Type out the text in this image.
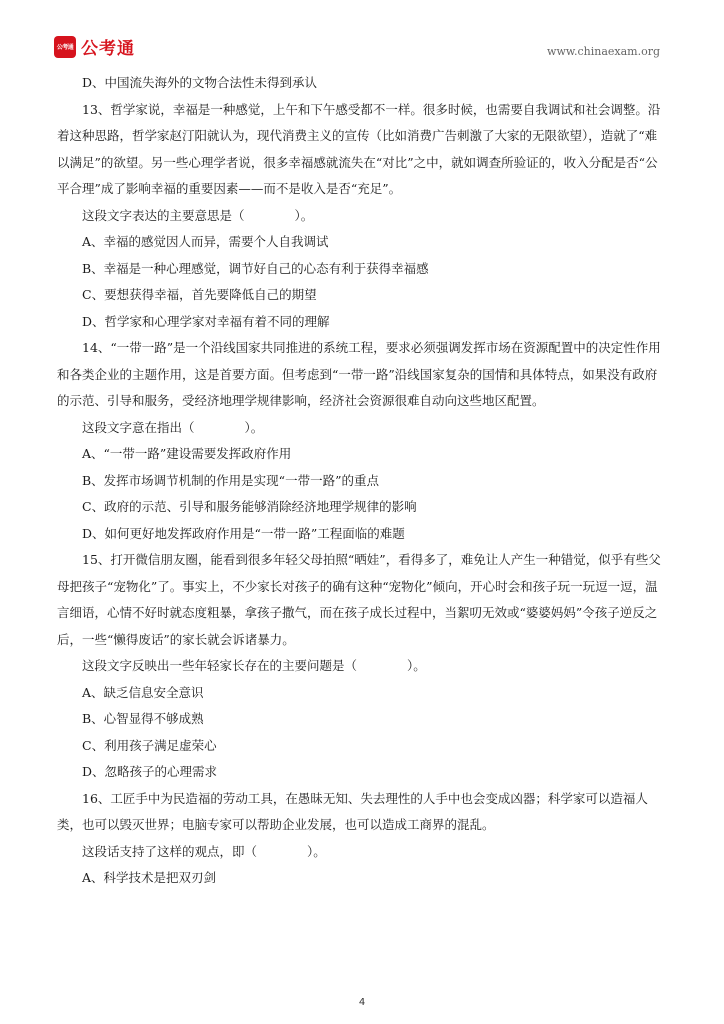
公考通 公考通	www.chinaexam.org

D、中国流失海外的文物合法性未得到承认

13、哲学家说，幸福是一种感觉，上午和下午感受都不一样。很多时候，也需要自我调试和社会调整。沿着这种思路，哲学家赵汀阳就认为，现代消费主义的宣传（比如消费广告刺激了大家的无限欲望），造就了“难以满足”的欲望。另一些心理学者说，很多幸福感就流失在“对比”之中，就如调查所验证的，收入分配是否“公平合理”成了影响幸福的重要因素——而不是收入是否“充足”。

这段文字表达的主要意思是（　　　　）。

A、幸福的感觉因人而异，需要个人自我调试

B、幸福是一种心理感觉，调节好自己的心态有利于获得幸福感

C、要想获得幸福，首先要降低自己的期望

D、哲学家和心理学家对幸福有着不同的理解

14、“一带一路”是一个沿线国家共同推进的系统工程，要求必须强调发挥市场在资源配置中的决定性作用和各类企业的主题作用，这是首要方面。但考虑到“一带一路”沿线国家复杂的国情和具体特点，如果没有政府的示范、引导和服务，受经济地理学规律影响，经济社会资源很难自动向这些地区配置。

这段文字意在指出（　　　　）。

A、“一带一路”建设需要发挥政府作用

B、发挥市场调节机制的作用是实现“一带一路”的重点

C、政府的示范、引导和服务能够消除经济地理学规律的影响

D、如何更好地发挥政府作用是“一带一路”工程面临的难题

15、打开微信朋友圈，能看到很多年轻父母拍照“晒娃”，看得多了，难免让人产生一种错觉，似乎有些父母把孩子“宠物化”了。事实上，不少家长对孩子的确有这种“宠物化”倾向，开心时会和孩子玩一玩逗一逗，温言细语，心情不好时就态度粗暴，拿孩子撒气，而在孩子成长过程中，当絮叨无效或“婆婆妈妈”令孩子逆反之后，一些“懒得废话”的家长就会诉诸暴力。

这段文字反映出一些年轻家长存在的主要问题是（　　　　）。

A、缺乏信息安全意识

B、心智显得不够成熟

C、利用孩子满足虚荣心

D、忽略孩子的心理需求

16、工匠手中为民造福的劳动工具，在愚昧无知、失去理性的人手中也会变成凶器；科学家可以造福人类，也可以毁灭世界；电脑专家可以帮助企业发展，也可以造成工商界的混乱。

这段话支持了这样的观点，即（　　　　）。

A、科学技术是把双刃剑

4
